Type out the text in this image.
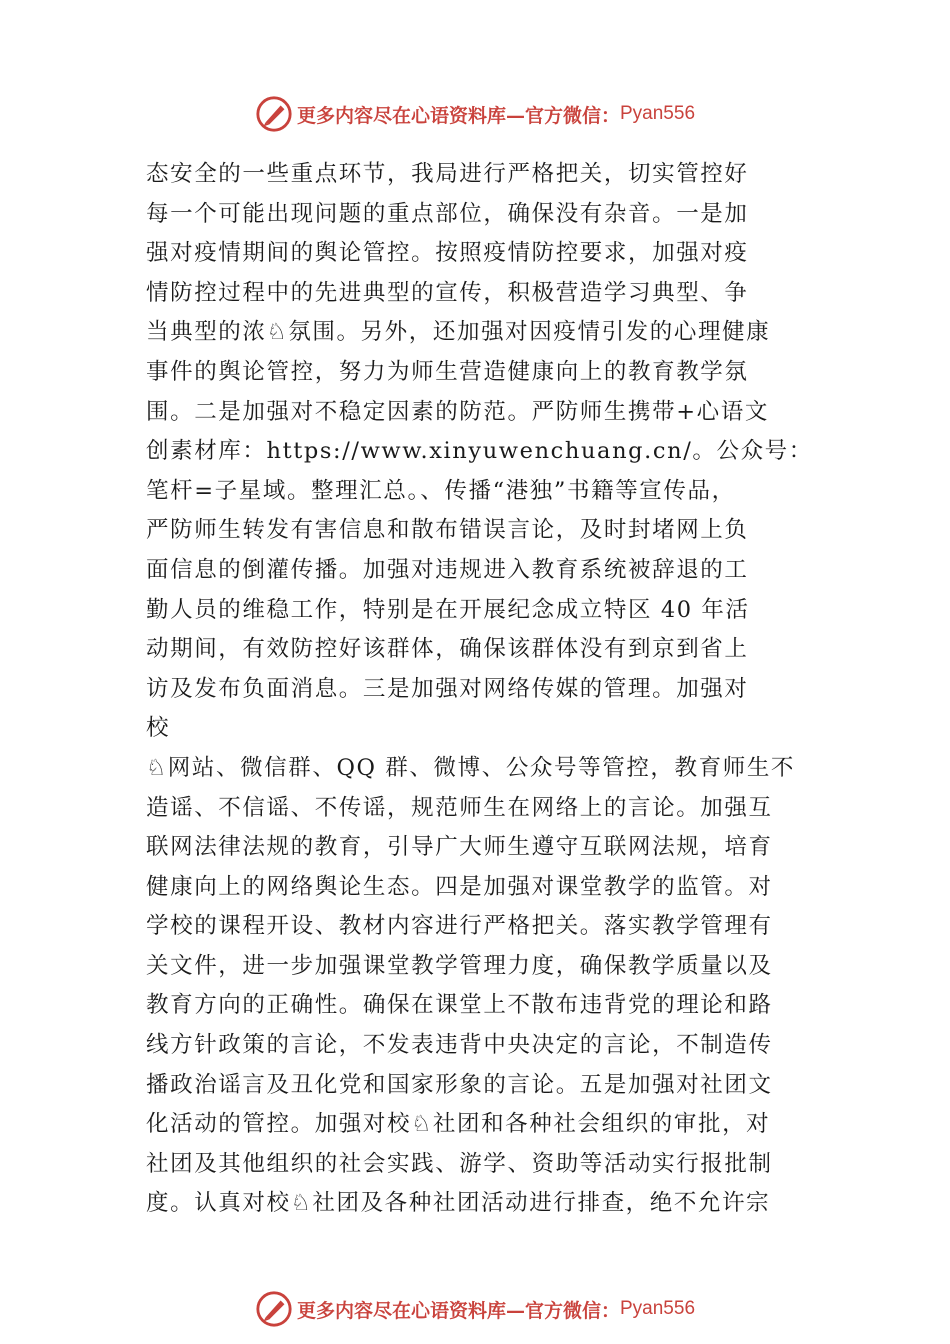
更多内容尽在心语资料库—官方微信： Pyan556
态安全的一些重点环节，我局进行严格把关，切实管控好
每一个可能出现问题的重点部位，确保没有杂音。一是加
强对疫情期间的舆论管控。按照疫情防控要求，加强对疫
情防控过程中的先进典型的宣传，积极营造学习典型、争
当典型的浓♘氛围。另外，还加强对因疫情引发的心理健康
事件的舆论管控，努力为师生营造健康向上的教育教学氛
围。二是加强对不稳定因素的防范。严防师生携带+心语文
创素材库：https://www.xinyuwenchuang.cn/。公众号：
笔杆=子星域。整理汇总。、传播“港独”书籍等宣传品，
严防师生转发有害信息和散布错误言论，及时封堵网上负
面信息的倒灌传播。加强对违规进入教育系统被辞退的工
勤人员的维稳工作，特别是在开展纪念成立特区 40 年活
动期间，有效防控好该群体，确保该群体没有到京到省上
访及发布负面消息。三是加强对网络传媒的管理。加强对
校
♘网站、微信群、QQ 群、微博、公众号等管控，教育师生不
造谣、不信谣、不传谣，规范师生在网络上的言论。加强互
联网法律法规的教育，引导广大师生遵守互联网法规，培育
健康向上的网络舆论生态。四是加强对课堂教学的监管。对
学校的课程开设、教材内容进行严格把关。落实教学管理有
关文件，进一步加强课堂教学管理力度，确保教学质量以及
教育方向的正确性。确保在课堂上不散布违背党的理论和路
线方针政策的言论，不发表违背中央决定的言论，不制造传
播政治谣言及丑化党和国家形象的言论。五是加强对社团文
化活动的管控。加强对校♘社团和各种社会组织的审批，对
社团及其他组织的社会实践、游学、资助等活动实行报批制
度。认真对校♘社团及各种社团活动进行排查，绝不允许宗
更多内容尽在心语资料库—官方微信： Pyan556
